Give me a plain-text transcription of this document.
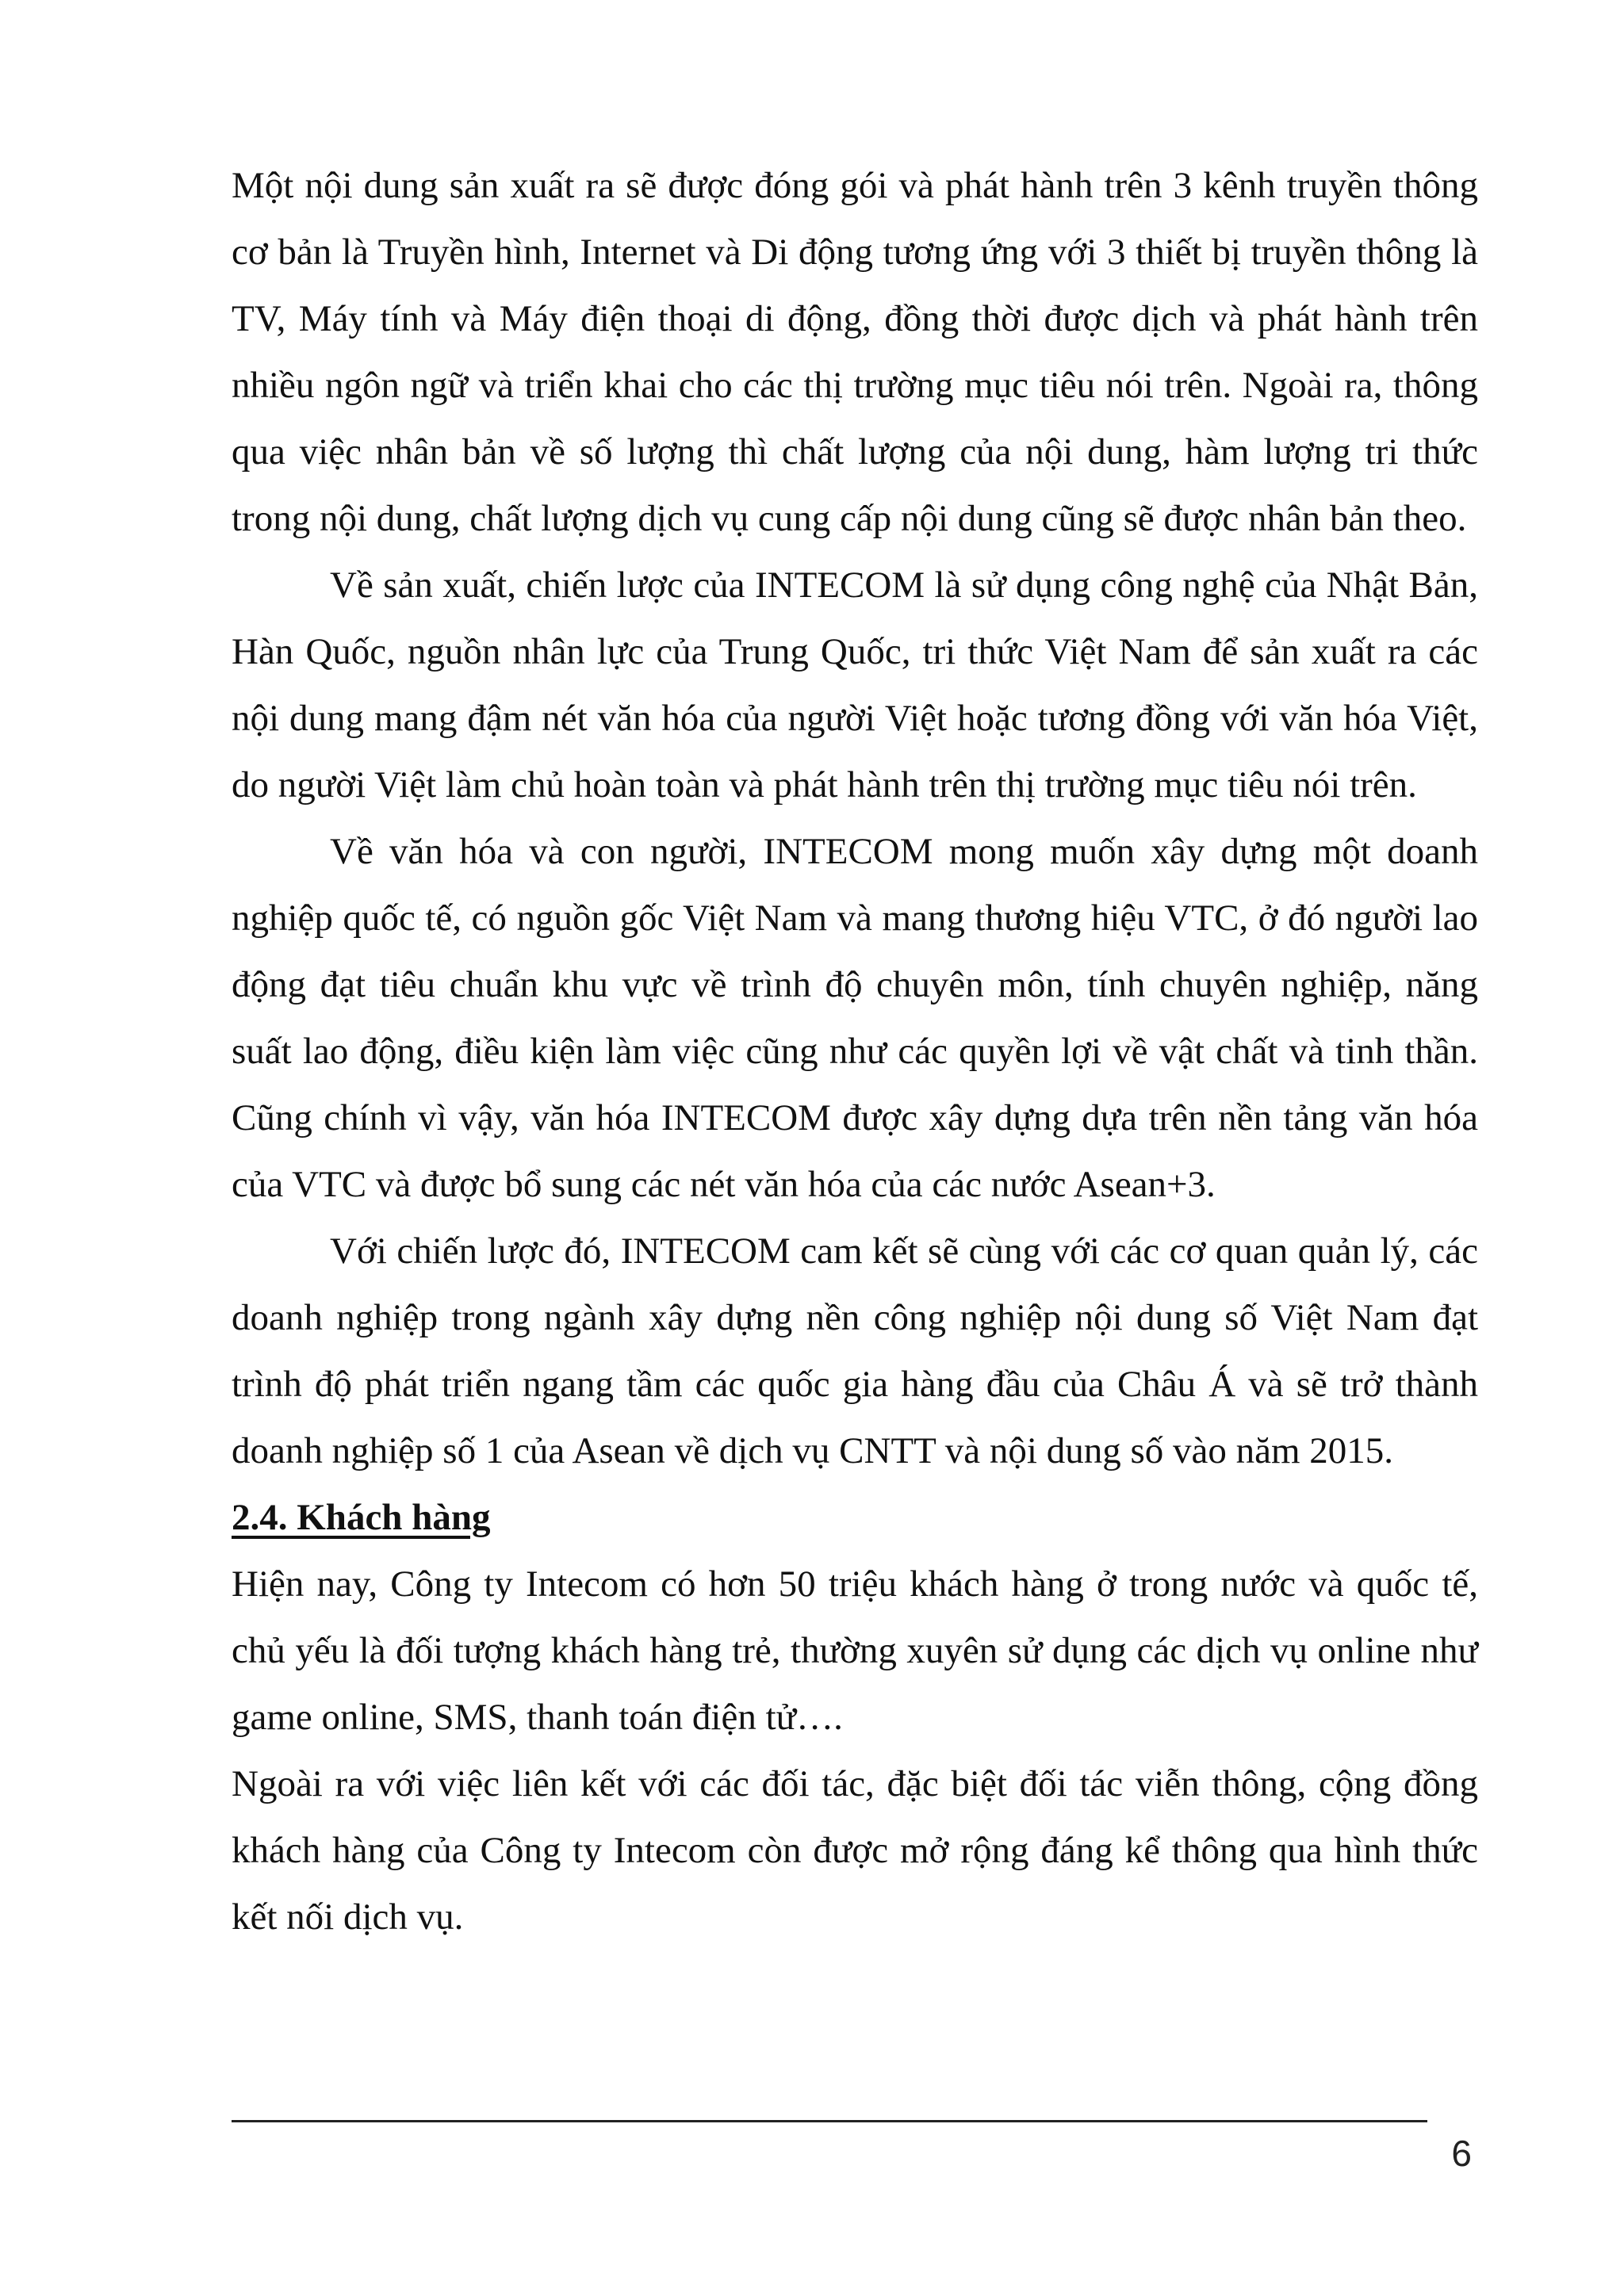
Một nội dung sản xuất ra sẽ được đóng gói và phát hành trên 3 kênh truyền thông cơ bản là Truyền hình, Internet và Di động tương ứng với 3 thiết bị truyền thông là TV, Máy tính và Máy điện thoại di động, đồng thời được dịch và phát hành trên nhiều ngôn ngữ và triển khai cho các thị trường mục tiêu nói trên. Ngoài ra, thông qua việc nhân bản về số lượng thì chất lượng của nội dung, hàm lượng tri thức trong nội dung, chất lượng dịch vụ cung cấp nội dung cũng sẽ được nhân bản theo.

Về sản xuất, chiến lược của INTECOM là sử dụng công nghệ của Nhật Bản, Hàn Quốc, nguồn nhân lực của Trung Quốc, tri thức Việt Nam để sản xuất ra các nội dung mang đậm nét văn hóa của người Việt hoặc tương đồng với văn hóa Việt, do người Việt làm chủ hoàn toàn và phát hành trên thị trường mục tiêu nói trên.

Về văn hóa và con người, INTECOM mong muốn xây dựng một doanh nghiệp quốc tế, có nguồn gốc Việt Nam và mang thương hiệu VTC, ở đó người lao động đạt tiêu chuẩn khu vực về trình độ chuyên môn, tính chuyên nghiệp, năng suất lao động, điều kiện làm việc cũng như các quyền lợi về vật chất và tinh thần. Cũng chính vì vậy, văn hóa INTECOM được xây dựng dựa trên nền tảng văn hóa của VTC và được bổ sung các nét văn hóa của các nước Asean+3.

Với chiến lược đó, INTECOM cam kết sẽ cùng với các cơ quan quản lý, các doanh nghiệp trong ngành xây dựng nền công nghiệp nội dung số Việt Nam đạt trình độ phát triển ngang tầm các quốc gia hàng đầu của Châu Á và sẽ trở thành doanh nghiệp số 1 của Asean về dịch vụ CNTT và nội dung số vào năm 2015.

2.4. Khách hàng

Hiện nay, Công ty Intecom có hơn 50 triệu khách hàng ở trong nước và quốc tế, chủ yếu là đối tượng khách hàng trẻ, thường xuyên sử dụng các dịch vụ online như game online, SMS, thanh toán điện tử….

Ngoài ra với việc liên kết với các đối tác, đặc biệt đối tác viễn thông, cộng đồng khách hàng của Công ty Intecom còn được mở rộng đáng kể thông qua hình thức kết nối dịch vụ.

6
